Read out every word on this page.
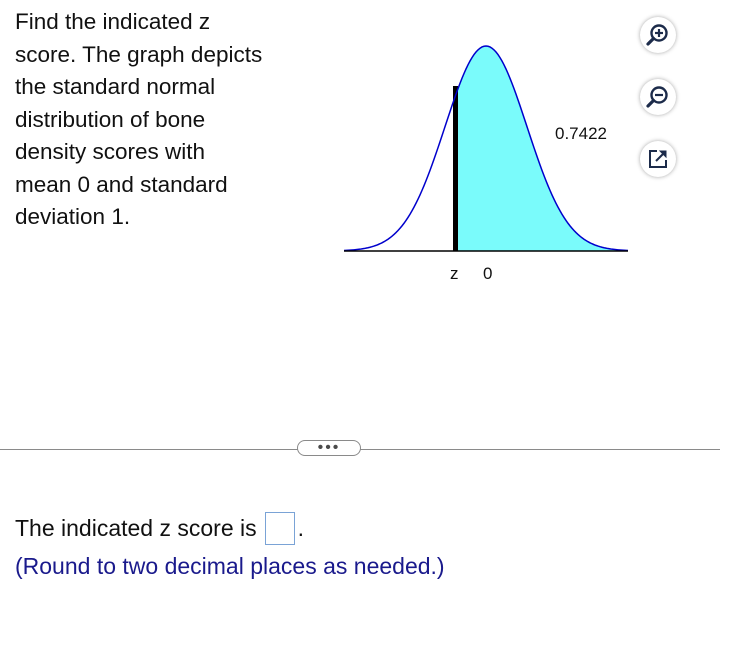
Find the indicated z
score. The graph depicts
the standard normal
distribution of bone
density scores with
mean 0 and standard
deviation 1.
0.7422
z 0
•••
The indicated z score is .
(Round to two decimal places as needed.)
